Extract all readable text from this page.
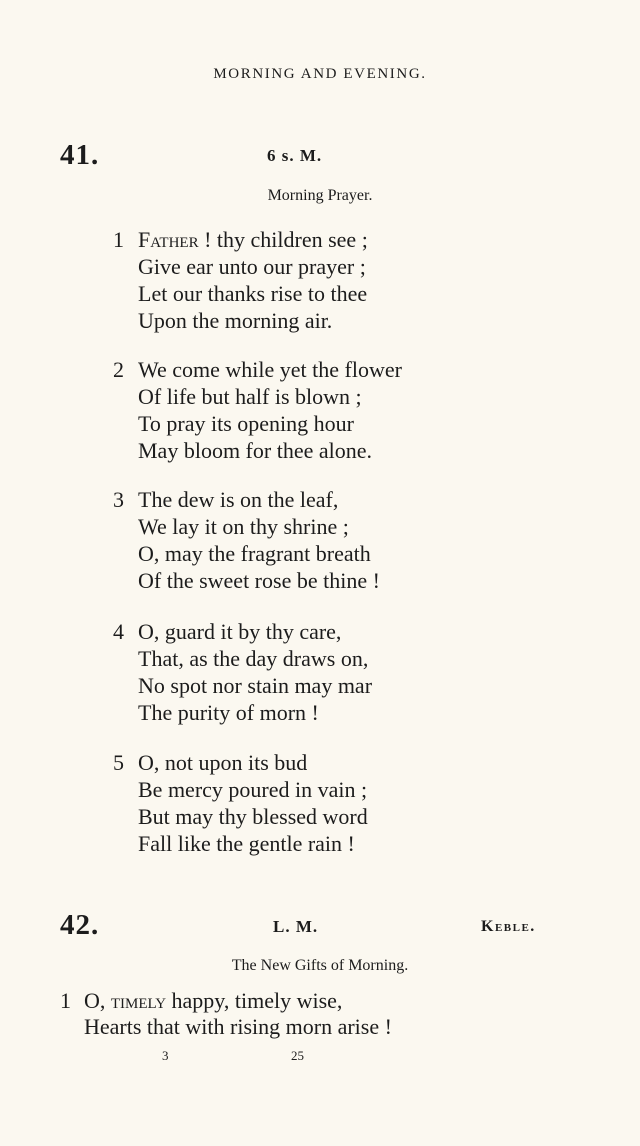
MORNING AND EVENING.
41.	6 s. M.
Morning Prayer.
1 Father ! thy children see ;
Give ear unto our prayer ;
Let our thanks rise to thee
Upon the morning air.
2 We come while yet the flower
Of life but half is blown ;
To pray its opening hour
May bloom for thee alone.
3 The dew is on the leaf,
We lay it on thy shrine ;
O, may the fragrant breath
Of the sweet rose be thine !
4 O, guard it by thy care,
That, as the day draws on,
No spot nor stain may mar
The purity of morn !
5 O, not upon its bud
Be mercy poured in vain ;
But may thy blessed word
Fall like the gentle rain !
42.	L. M.	Keble.
The New Gifts of Morning.
1 O, timely happy, timely wise,
Hearts that with rising morn arise !
3	25
